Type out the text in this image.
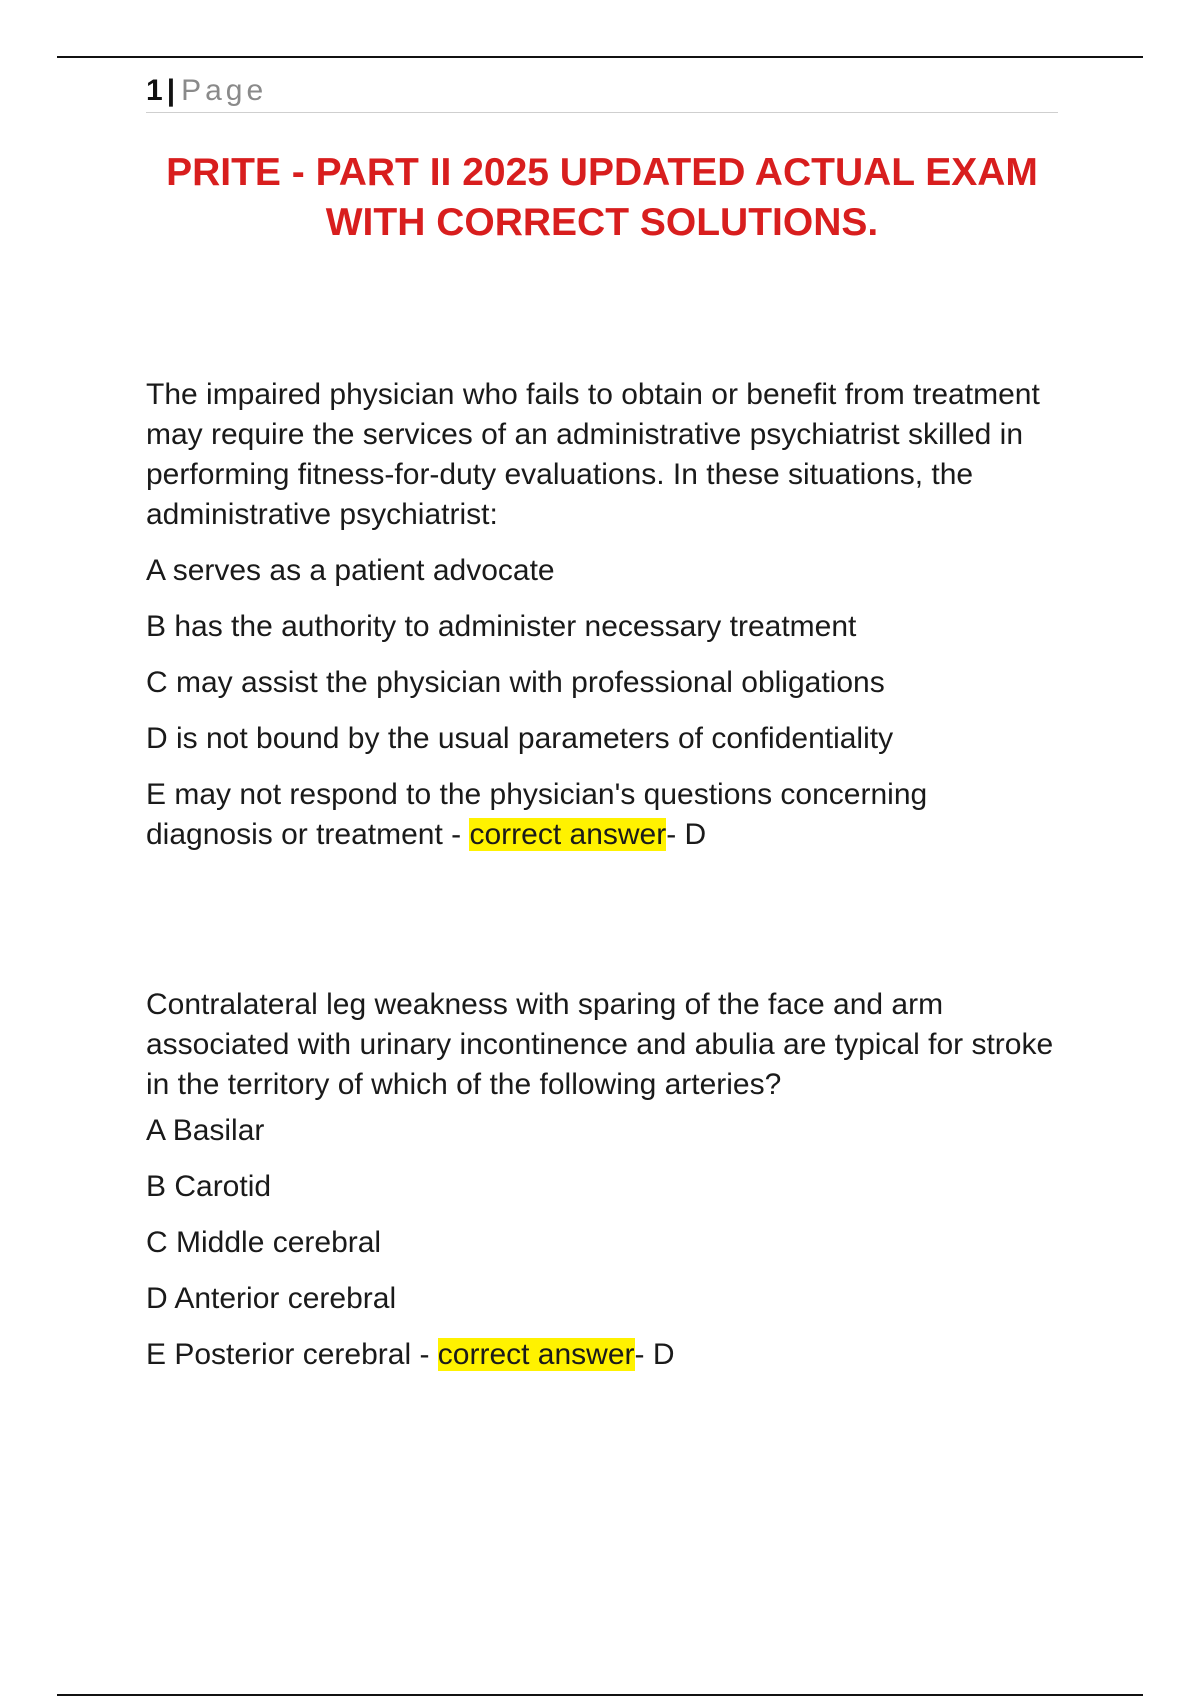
1 | Page
PRITE - PART II 2025 UPDATED ACTUAL EXAM WITH CORRECT SOLUTIONS.

The impaired physician who fails to obtain or benefit from treatment may require the services of an administrative psychiatrist skilled in performing fitness-for-duty evaluations. In these situations, the administrative psychiatrist:

A serves as a patient advocate

B has the authority to administer necessary treatment

C may assist the physician with professional obligations

D is not bound by the usual parameters of confidentiality

E may not respond to the physician's questions concerning diagnosis or treatment - correct answer- D

Contralateral leg weakness with sparing of the face and arm associated with urinary incontinence and abulia are typical for stroke in the territory of which of the following arteries?

A Basilar

B Carotid

C Middle cerebral

D Anterior cerebral

E Posterior cerebral - correct answer- D
